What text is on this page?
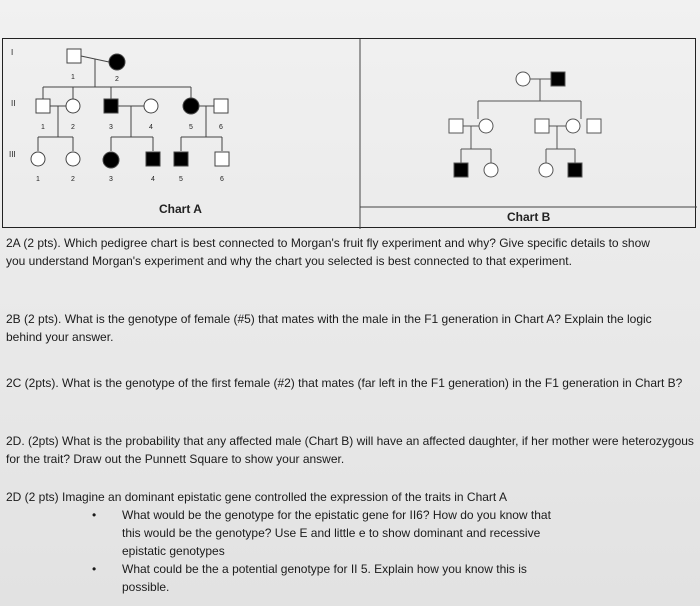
I
II
III
1	2
1	2	3	4	5	6
1	2	3	4	5	6
Chart A
Chart B

2A (2 pts). Which pedigree chart is best connected to Morgan's fruit fly experiment and why? Give specific details to show you understand Morgan's experiment and why the chart you selected is best connected to that experiment.

2B (2 pts). What is the genotype of female (#5) that mates with the male in the F1 generation in Chart A? Explain the logic behind your answer.

2C (2pts). What is the genotype of the first female (#2) that mates (far left in the F1 generation) in the F1 generation in Chart B?

2D. (2pts) What is the probability that any affected male (Chart B) will have an affected daughter, if her mother were heterozygous for the trait? Draw out the Punnett Square to show your answer.

2D (2 pts) Imagine an dominant epistatic gene controlled the expression of the traits in Chart A

• What would be the genotype for the epistatic gene for II6? How do you know that this would be the genotype? Use E and little e to show dominant and recessive epistatic genotypes
• What could be the a potential genotype for II 5. Explain how you know this is possible.
